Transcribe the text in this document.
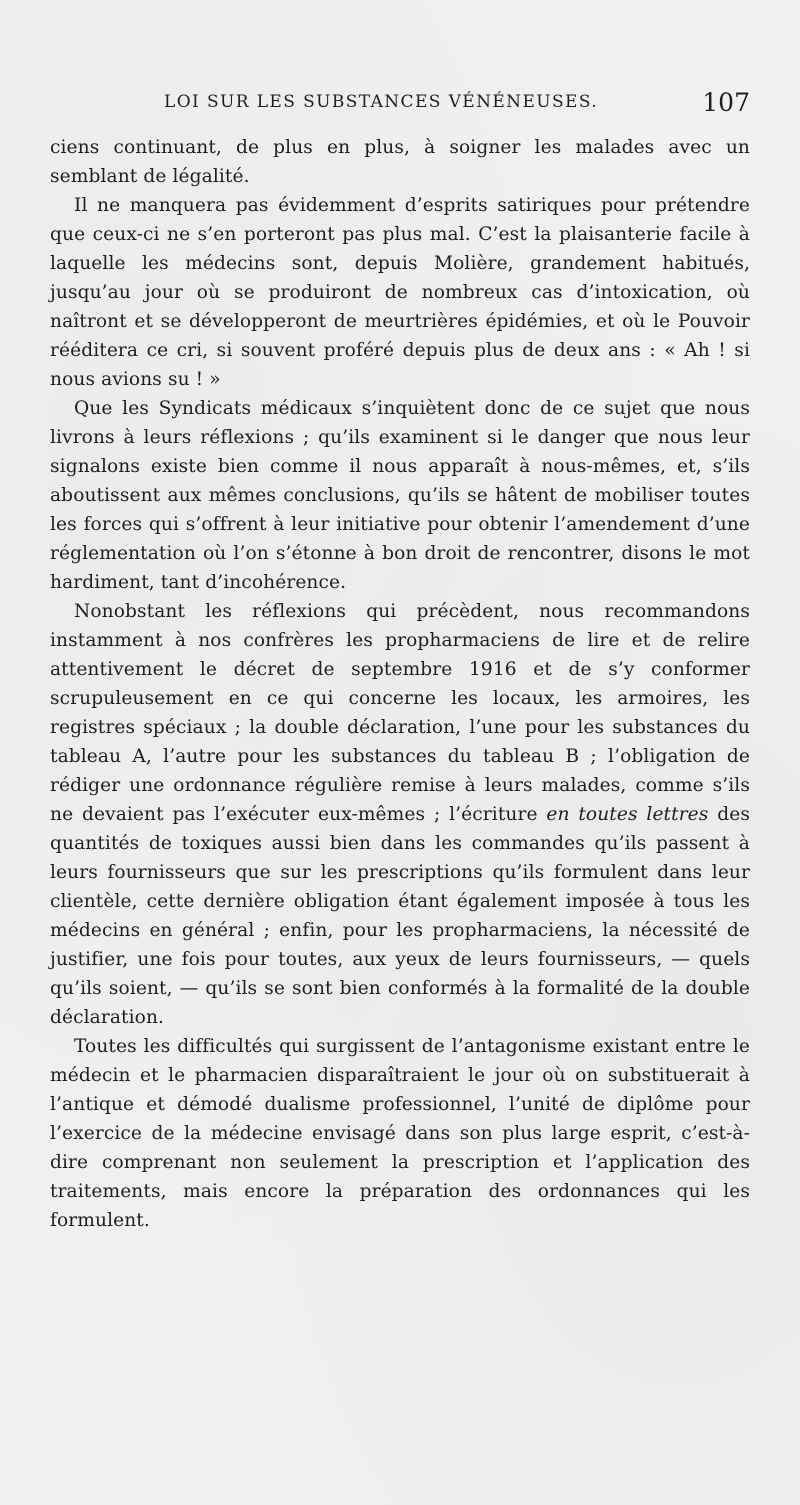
LOI SUR LES SUBSTANCES VÉNÉNEUSES.	107

ciens continuant, de plus en plus, à soigner les malades avec un semblant de légalité.

Il ne manquera pas évidemment d’esprits satiriques pour prétendre que ceux-ci ne s’en porteront pas plus mal. C’est la plaisanterie facile à laquelle les médecins sont, depuis Molière, grandement habitués, jusqu’au jour où se produiront de nombreux cas d’intoxication, où naîtront et se développeront de meurtrières épidémies, et où le Pouvoir rééditera ce cri, si souvent proféré depuis plus de deux ans : « Ah ! si nous avions su ! »

Que les Syndicats médicaux s’inquiètent donc de ce sujet que nous livrons à leurs réflexions ; qu’ils examinent si le danger que nous leur signalons existe bien comme il nous apparaît à nous-mêmes, et, s’ils aboutissent aux mêmes conclusions, qu’ils se hâtent de mobiliser toutes les forces qui s’offrent à leur initiative pour obtenir l’amendement d’une réglementation où l’on s’étonne à bon droit de rencontrer, disons le mot hardiment, tant d’incohérence.

Nonobstant les réflexions qui précèdent, nous recommandons instamment à nos confrères les propharmaciens de lire et de relire attentivement le décret de septembre 1916 et de s’y conformer scrupuleusement en ce qui concerne les locaux, les armoires, les registres spéciaux ; la double déclaration, l’une pour les substances du tableau A, l’autre pour les substances du tableau B ; l’obligation de rédiger une ordonnance régulière remise à leurs malades, comme s’ils ne devaient pas l’exécuter eux-mêmes ; l’écriture en toutes lettres des quantités de toxiques aussi bien dans les commandes qu’ils passent à leurs fournisseurs que sur les prescriptions qu’ils formulent dans leur clientèle, cette dernière obligation étant également imposée à tous les médecins en général ; enfin, pour les propharmaciens, la nécessité de justifier, une fois pour toutes, aux yeux de leurs fournisseurs, — quels qu’ils soient, — qu’ils se sont bien conformés à la formalité de la double déclaration.

Toutes les difficultés qui surgissent de l’antagonisme existant entre le médecin et le pharmacien disparaîtraient le jour où on substituerait à l’antique et démodé dualisme professionnel, l’unité de diplôme pour l’exercice de la médecine envisagé dans son plus large esprit, c’est-à-dire comprenant non seulement la prescription et l’application des traitements, mais encore la préparation des ordonnances qui les formulent.
